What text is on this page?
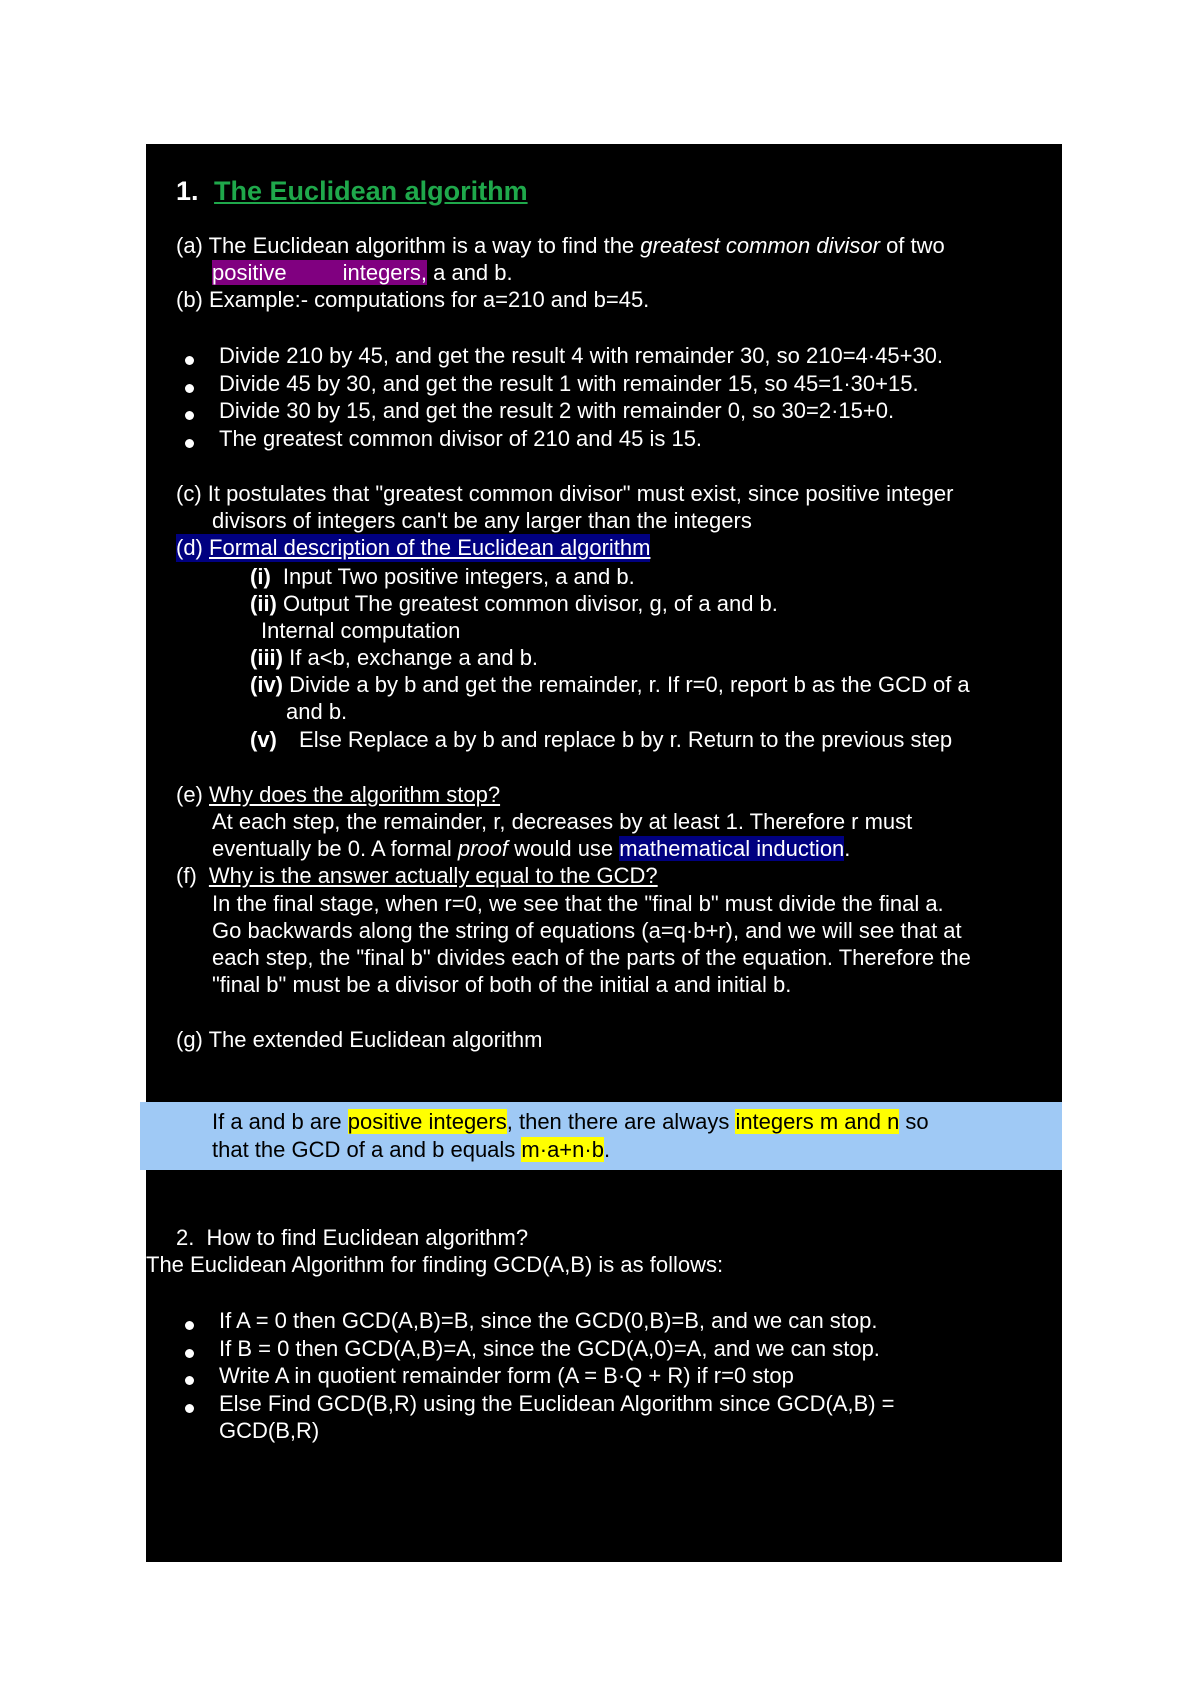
1. The Euclidean algorithm
(a) The Euclidean algorithm is a way to find the greatest common divisor of two
positive	integers, a and b.
(b) Example:- computations for a=210 and b=45.
Divide 210 by 45, and get the result 4 with remainder 30, so 210=4·45+30.
Divide 45 by 30, and get the result 1 with remainder 15, so 45=1·30+15.
Divide 30 by 15, and get the result 2 with remainder 0, so 30=2·15+0.
The greatest common divisor of 210 and 45 is 15.
(c) It postulates that "greatest common divisor" must exist, since positive integer
divisors of integers can't be any larger than the integers
(d) Formal description of the Euclidean algorithm
(i) Input Two positive integers, a and b.
(ii) Output The greatest common divisor, g, of a and b.
Internal computation
(iii) If a<b, exchange a and b.
(iv) Divide a by b and get the remainder, r. If r=0, report b as the GCD of a
and b.
(v) Else Replace a by b and replace b by r. Return to the previous step
(e) Why does the algorithm stop?
At each step, the remainder, r, decreases by at least 1. Therefore r must
eventually be 0. A formal proof would use mathematical induction.
(f) Why is the answer actually equal to the GCD?
In the final stage, when r=0, we see that the "final b" must divide the final a.
Go backwards along the string of equations (a=q·b+r), and we will see that at
each step, the "final b" divides each of the parts of the equation. Therefore the
"final b" must be a divisor of both of the initial a and initial b.
(g) The extended Euclidean algorithm
If a and b are positive integers, then there are always integers m and n so
that the GCD of a and b equals m·a+n·b.
2. How to find Euclidean algorithm?
The Euclidean Algorithm for finding GCD(A,B) is as follows:
If A = 0 then GCD(A,B)=B, since the GCD(0,B)=B, and we can stop.
If B = 0 then GCD(A,B)=A, since the GCD(A,0)=A, and we can stop.
Write A in quotient remainder form (A = B·Q + R) if r=0 stop
Else Find GCD(B,R) using the Euclidean Algorithm since GCD(A,B) =
GCD(B,R)
